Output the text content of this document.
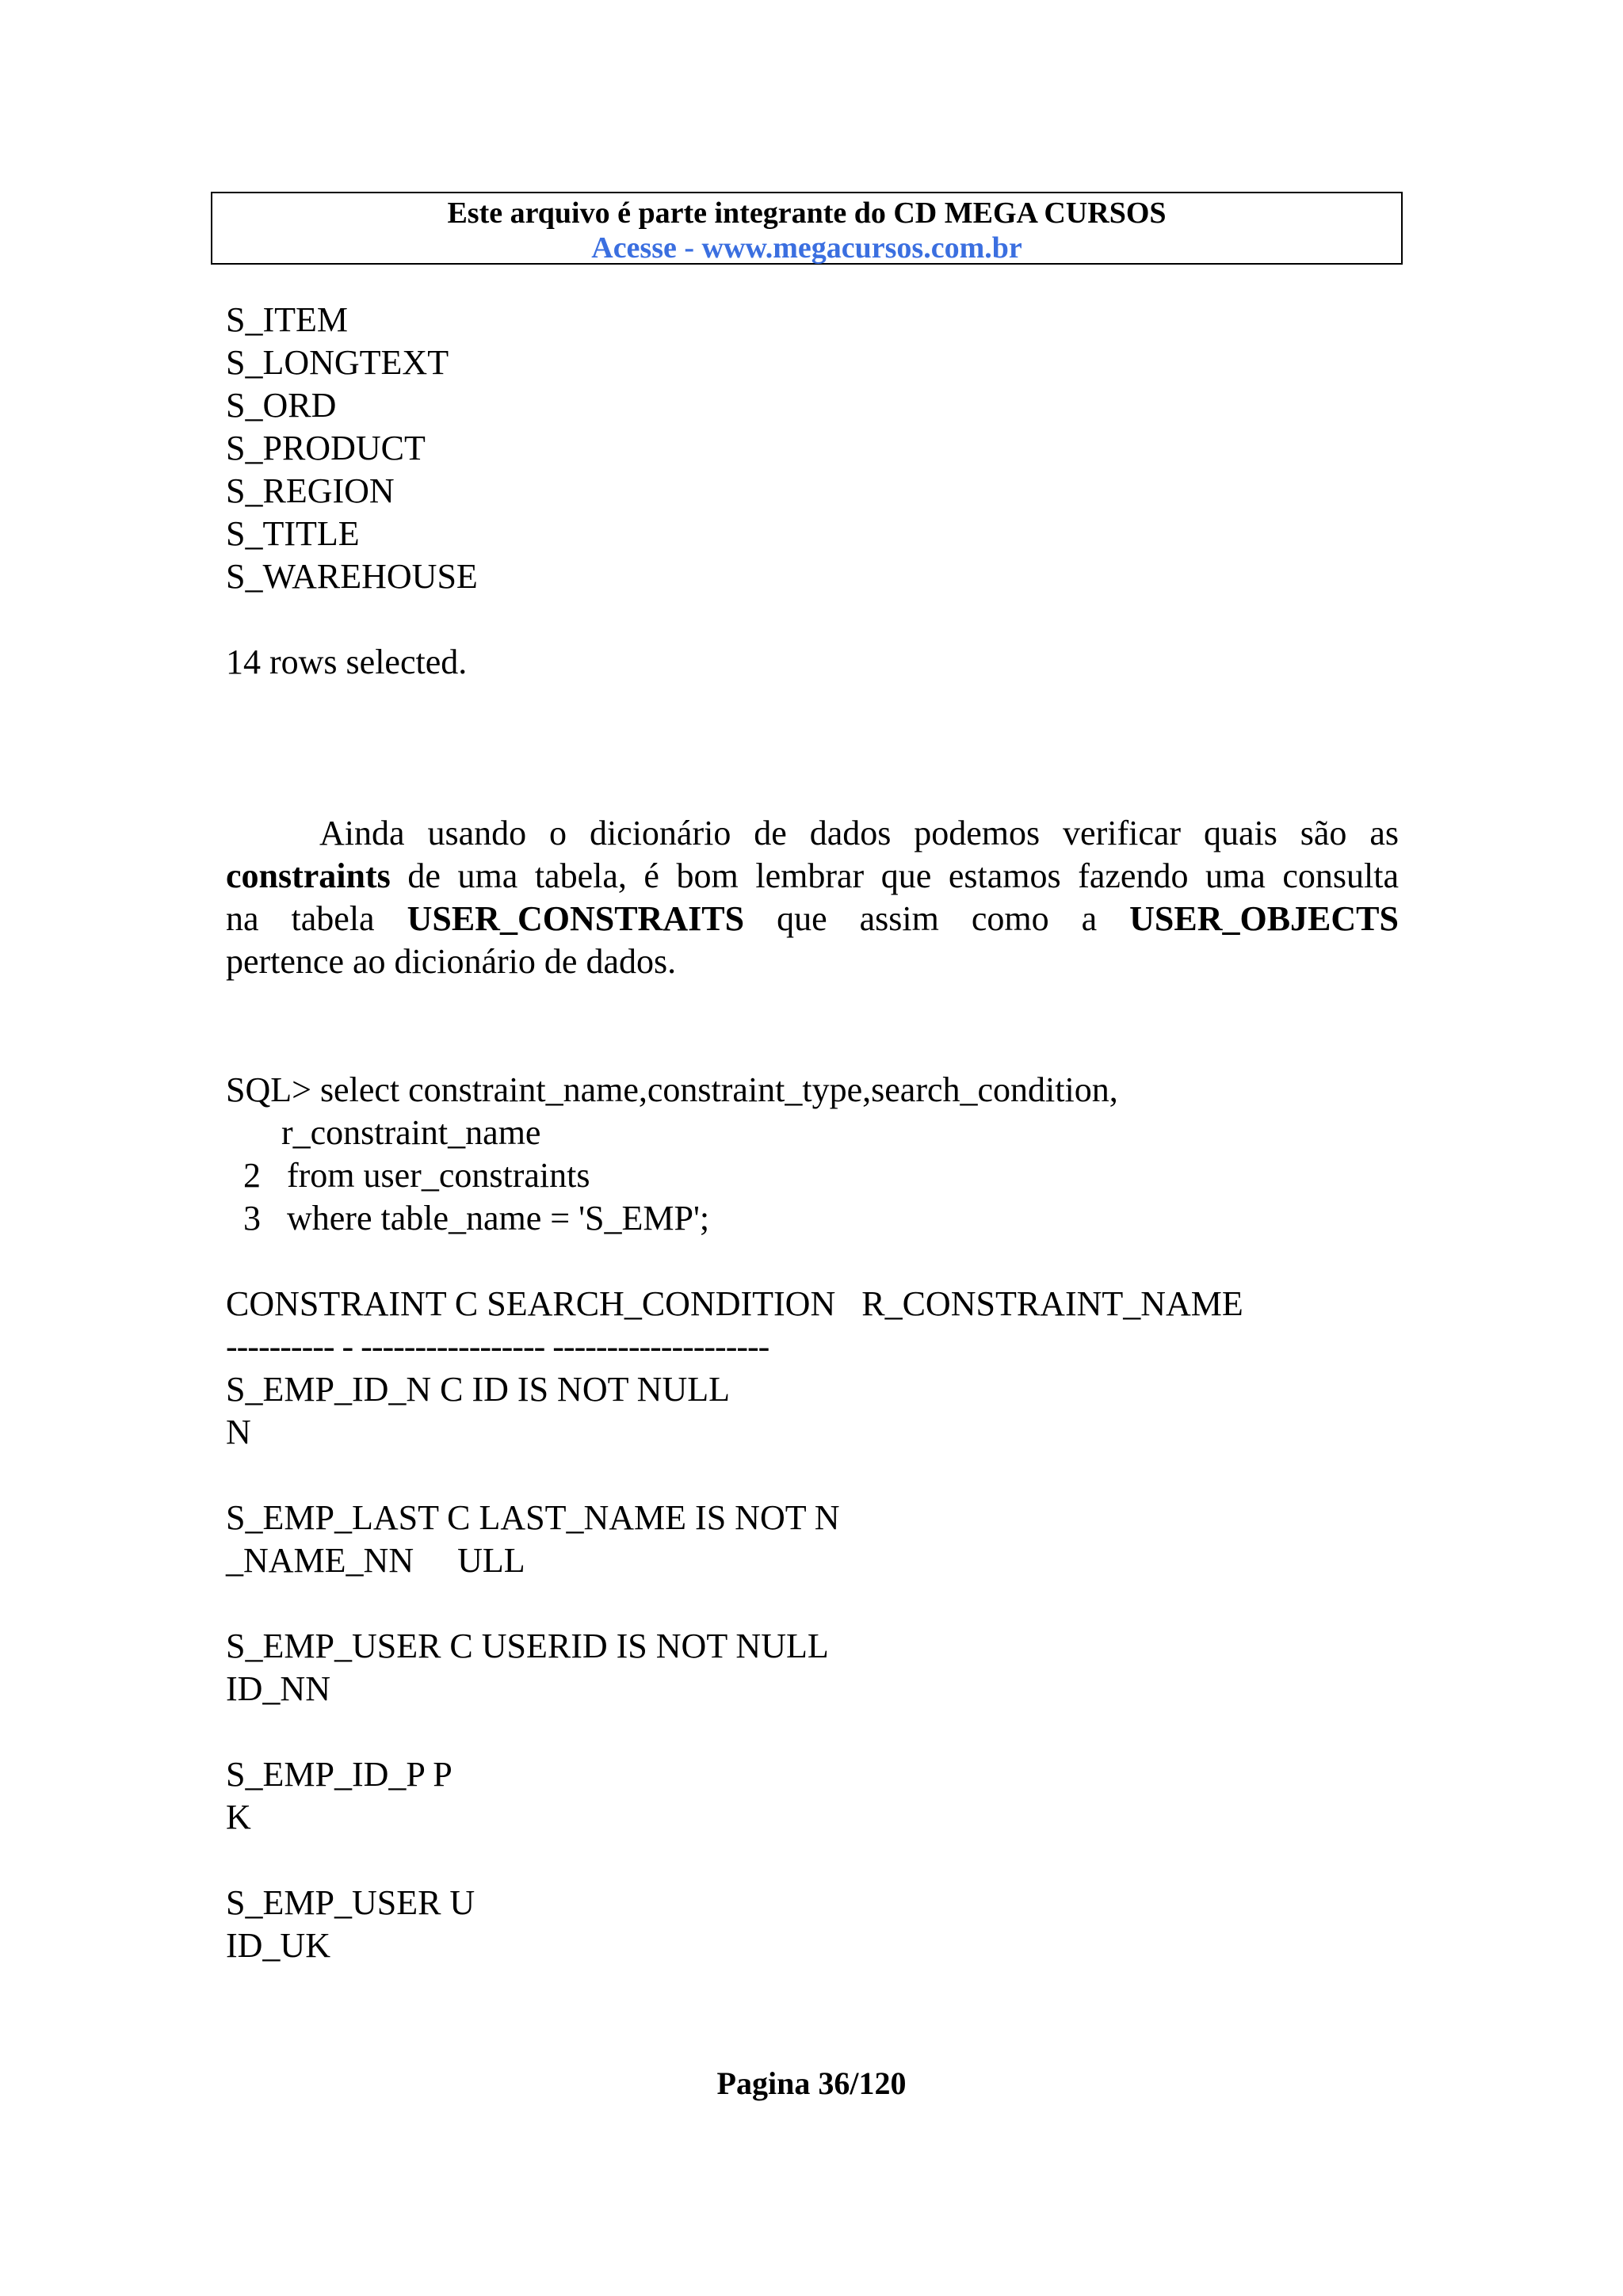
Este arquivo é parte integrante do CD MEGA CURSOS
Acesse - www.megacursos.com.br
S_ITEM
S_LONGTEXT
S_ORD
S_PRODUCT
S_REGION
S_TITLE
S_WAREHOUSE
14 rows selected.
Ainda usando o dicionário de dados podemos verificar quais são as
constraints de uma tabela, é bom lembrar que estamos fazendo uma consulta
na tabela USER_CONSTRAITS que assim como a USER_OBJECTS
pertence ao dicionário de dados.
SQL> select constraint_name,constraint_type,search_condition,
r_constraint_name
2   from user_constraints
3   where table_name = 'S_EMP';
CONSTRAINT C SEARCH_CONDITION   R_CONSTRAINT_NAME
---------- - ----------------- --------------------
S_EMP_ID_N C ID IS NOT NULL
N
S_EMP_LAST C LAST_NAME IS NOT N
_NAME_NN     ULL
S_EMP_USER C USERID IS NOT NULL
ID_NN
S_EMP_ID_P P
K
S_EMP_USER U
ID_UK
Pagina 36/120
